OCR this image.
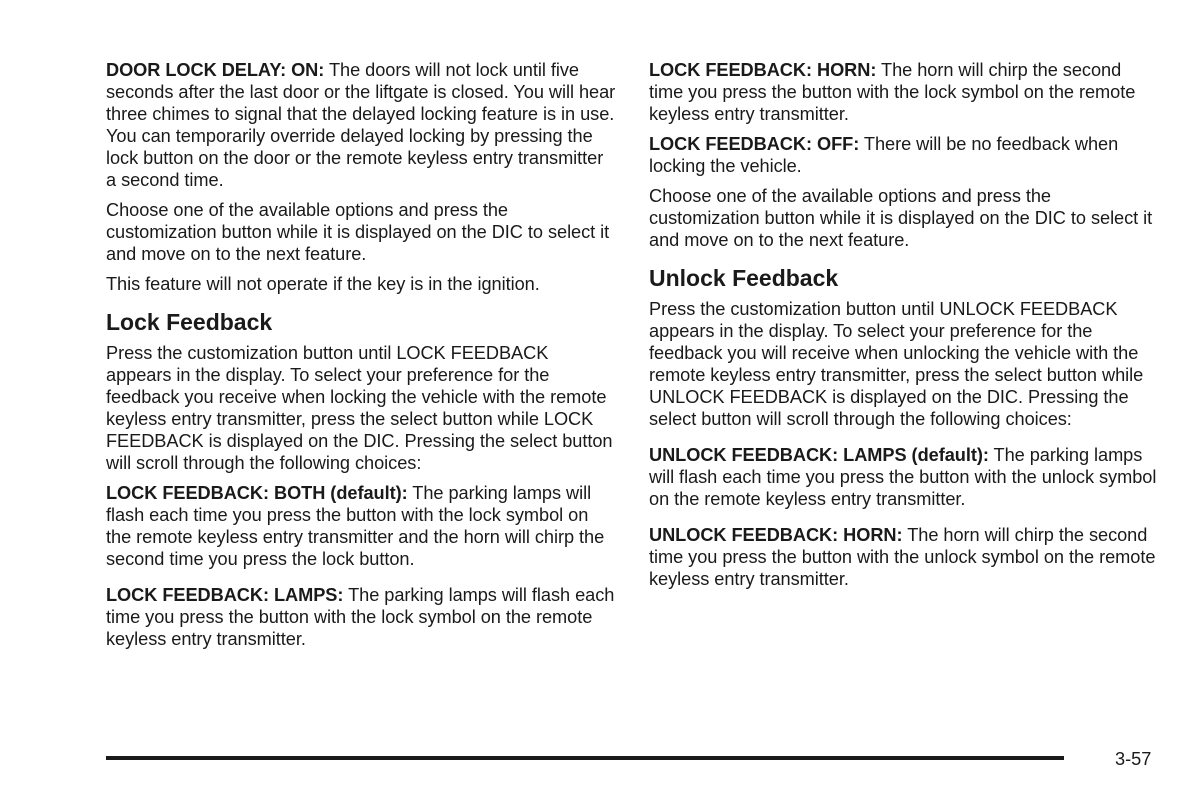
DOOR LOCK DELAY: ON: The doors will not lock until five seconds after the last door or the liftgate is closed. You will hear three chimes to signal that the delayed locking feature is in use. You can temporarily override delayed locking by pressing the lock button on the door or the remote keyless entry transmitter a second time.

Choose one of the available options and press the customization button while it is displayed on the DIC to select it and move on to the next feature.

This feature will not operate if the key is in the ignition.

Lock Feedback

Press the customization button until LOCK FEEDBACK appears in the display. To select your preference for the feedback you receive when locking the vehicle with the remote keyless entry transmitter, press the select button while LOCK FEEDBACK is displayed on the DIC. Pressing the select button will scroll through the following choices:

LOCK FEEDBACK: BOTH (default): The parking lamps will flash each time you press the button with the lock symbol on the remote keyless entry transmitter and the horn will chirp the second time you press the lock button.

LOCK FEEDBACK: LAMPS: The parking lamps will flash each time you press the button with the lock symbol on the remote keyless entry transmitter.

LOCK FEEDBACK: HORN: The horn will chirp the second time you press the button with the lock symbol on the remote keyless entry transmitter.

LOCK FEEDBACK: OFF: There will be no feedback when locking the vehicle.

Choose one of the available options and press the customization button while it is displayed on the DIC to select it and move on to the next feature.

Unlock Feedback

Press the customization button until UNLOCK FEEDBACK appears in the display. To select your preference for the feedback you will receive when unlocking the vehicle with the remote keyless entry transmitter, press the select button while UNLOCK FEEDBACK is displayed on the DIC. Pressing the select button will scroll through the following choices:

UNLOCK FEEDBACK: LAMPS (default): The parking lamps will flash each time you press the button with the unlock symbol on the remote keyless entry transmitter.

UNLOCK FEEDBACK: HORN: The horn will chirp the second time you press the button with the unlock symbol on the remote keyless entry transmitter.

3-57
